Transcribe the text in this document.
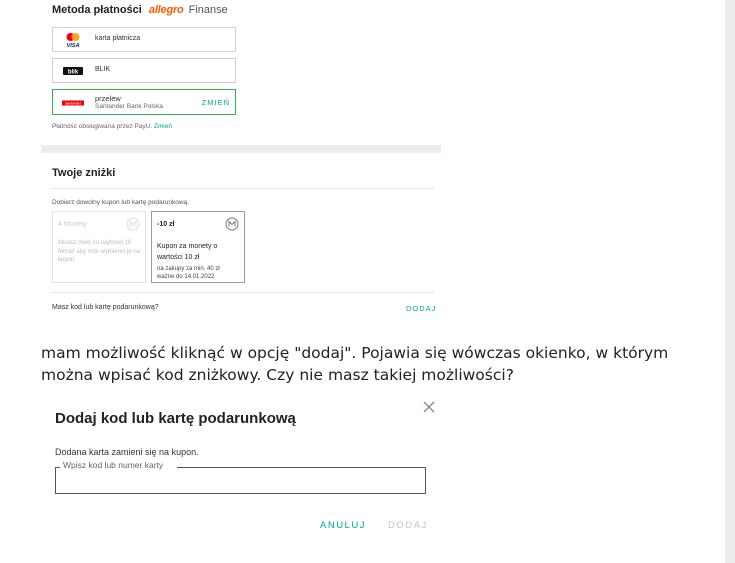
Metoda płatności allegro Finanse
VISA
karta płatnicza
blik BLIK
Santander
przelew
Santander Bank Polska	ZMIEŃ
Płatność obsługiwana przez PayU. Zmień
Twoje zniżki
Dobierz dowolny kupon lub kartę podarunkową.
4 Monety
Musisz mieć co najmniej 10 Monet aby móc wymienić je na kupon.
-10 zł
Kupon za monety o wartości 10 zł
na zakupy za min. 40 zł
ważne do 14.01.2022
Masz kod lub kartę podarunkową?	DODAJ
mam możliwość kliknąć w opcję "dodaj". Pojawia się wówczas okienko, w którym można wpisać kod zniżkowy. Czy nie masz takiej możliwości?
Dodaj kod lub kartę podarunkową
Dodana karta zamieni się na kupon.
Wpisz kod lub numer karty
ANULUJ DODAJ
